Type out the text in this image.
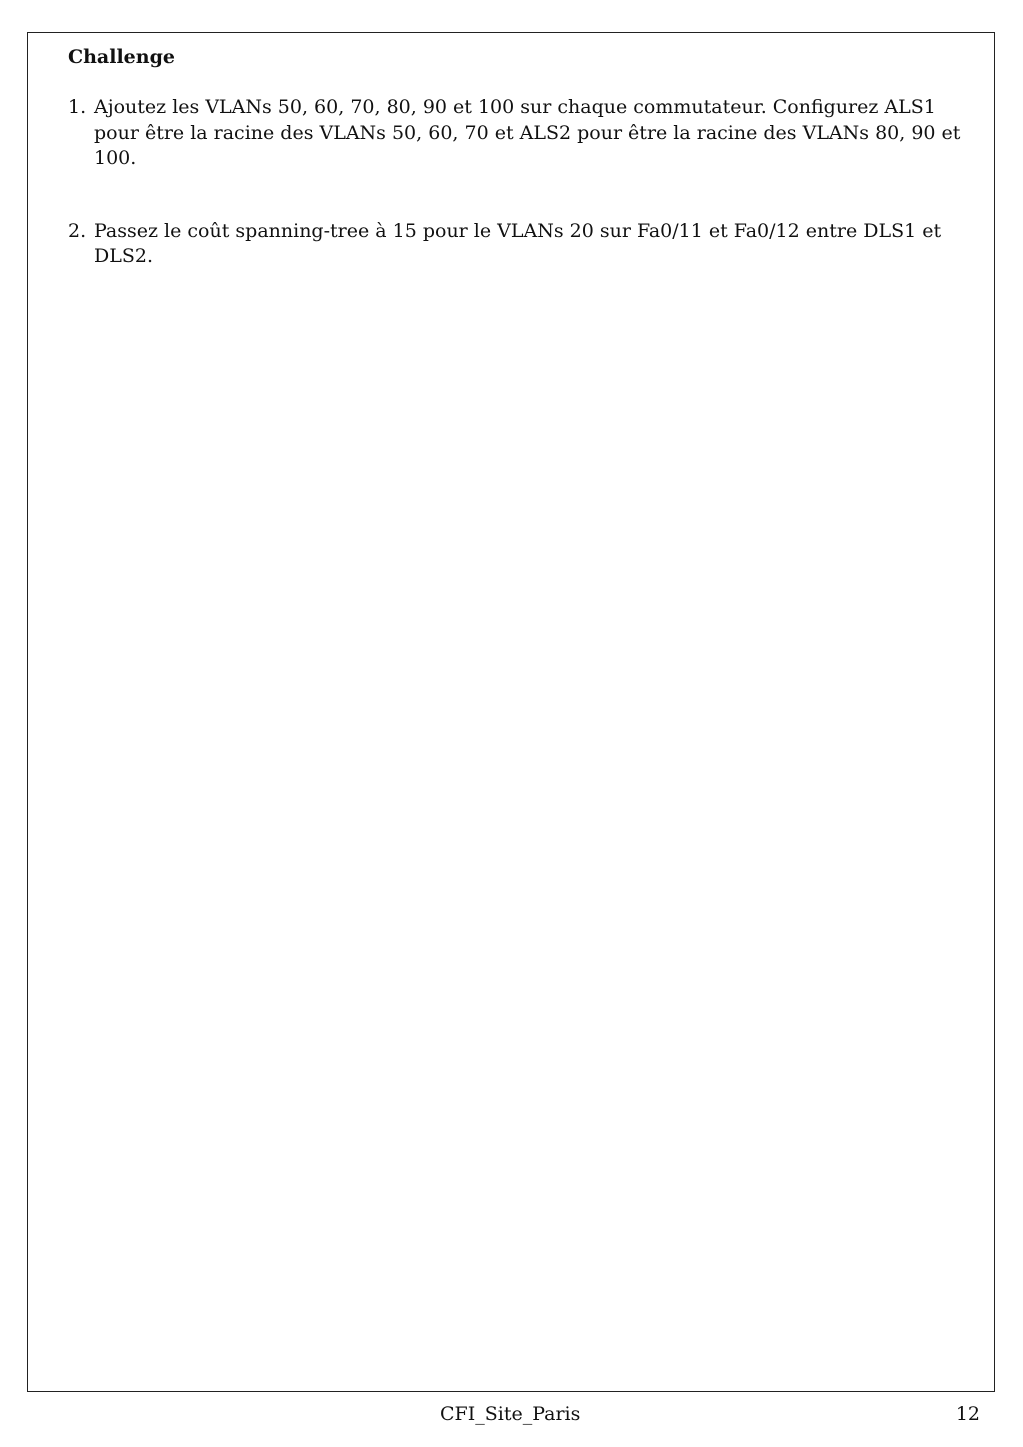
Challenge
1. Ajoutez les VLANs 50, 60, 70, 80, 90 et 100 sur chaque commutateur. Configurez ALS1 pour être la racine des VLANs 50, 60, 70 et ALS2 pour être la racine des VLANs 80, 90 et 100.
2. Passez le coût spanning-tree à 15 pour le VLANs 20 sur Fa0/11 et Fa0/12 entre DLS1 et DLS2.
CFI_Site_Paris	12
